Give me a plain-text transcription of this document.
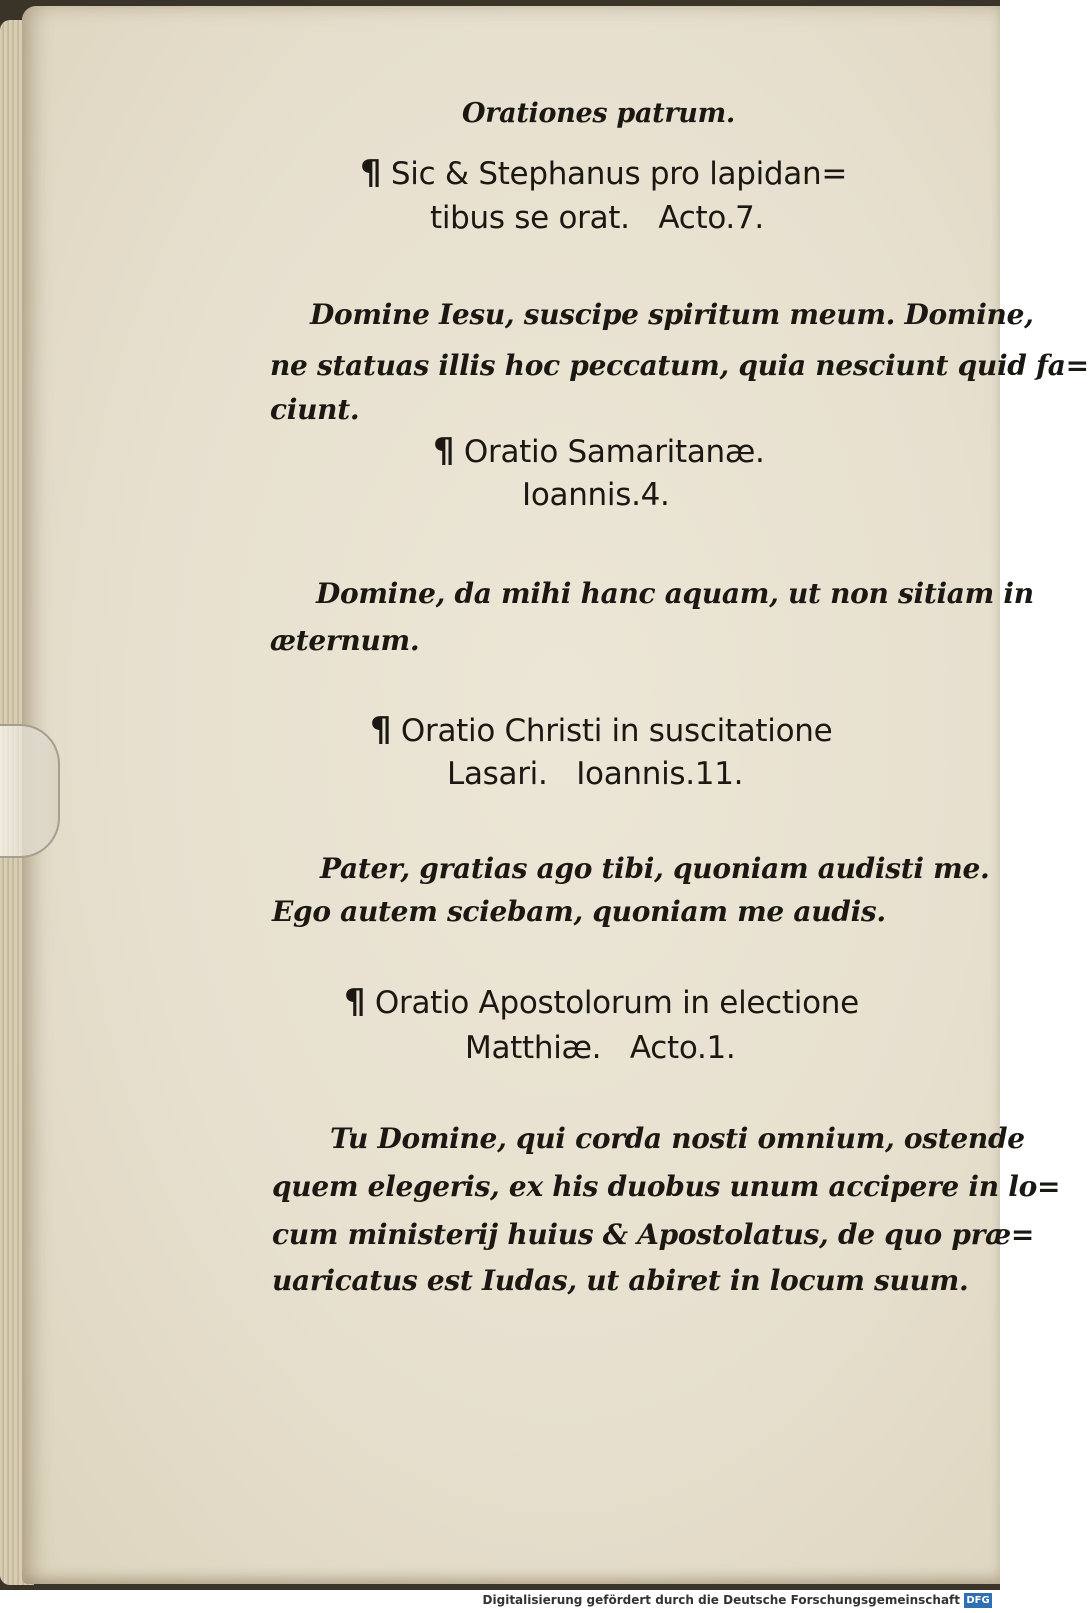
Orationes patrum.
¶ Sic & Stephanus pro lapidan=
tibus se orat.   Acto.7.
Domine Iesu, suscipe spiritum meum. Domine,
ne statuas illis hoc peccatum, quia nesciunt quid fa=
ciunt.
¶ Oratio Samaritanæ.
Ioannis.4.
Domine, da mihi hanc aquam, ut non sitiam in
æternum.
¶ Oratio Christi in suscitatione
Lasari.   Ioannis.11.
Pater, gratias ago tibi, quoniam audisti me.
Ego autem sciebam, quoniam me audis.
¶ Oratio Apostolorum in electione
Matthiæ.   Acto.1.
Tu Domine, qui corda nosti omnium, ostende
quem elegeris, ex his duobus unum accipere in lo=
cum ministerij huius & Apostolatus, de quo præ=
uaricatus est Iudas, ut abiret in locum suum.
Digitalisierung gefördert durch die Deutsche Forschungsgemeinschaft DFG
